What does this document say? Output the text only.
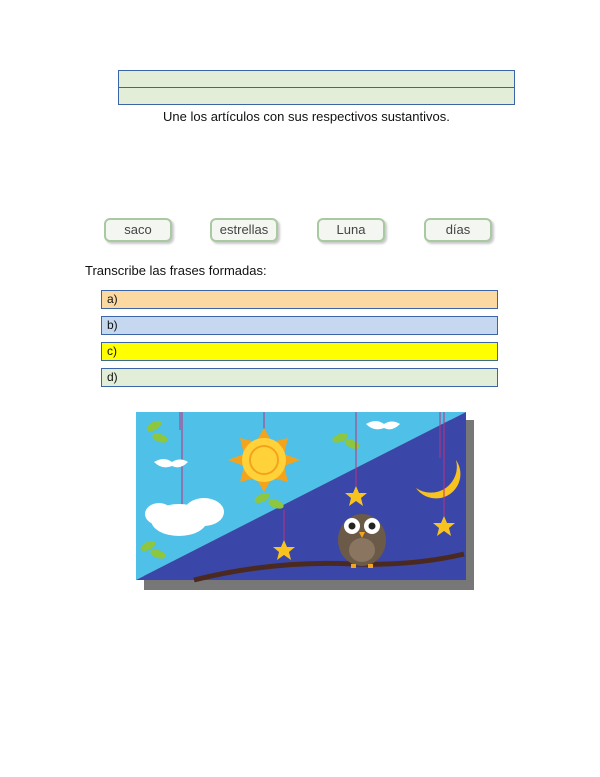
Une los artículos con sus respectivos sustantivos.
saco	estrellas	Luna	días
Transcribe las frases formadas:
a)
b)
c)
d)
